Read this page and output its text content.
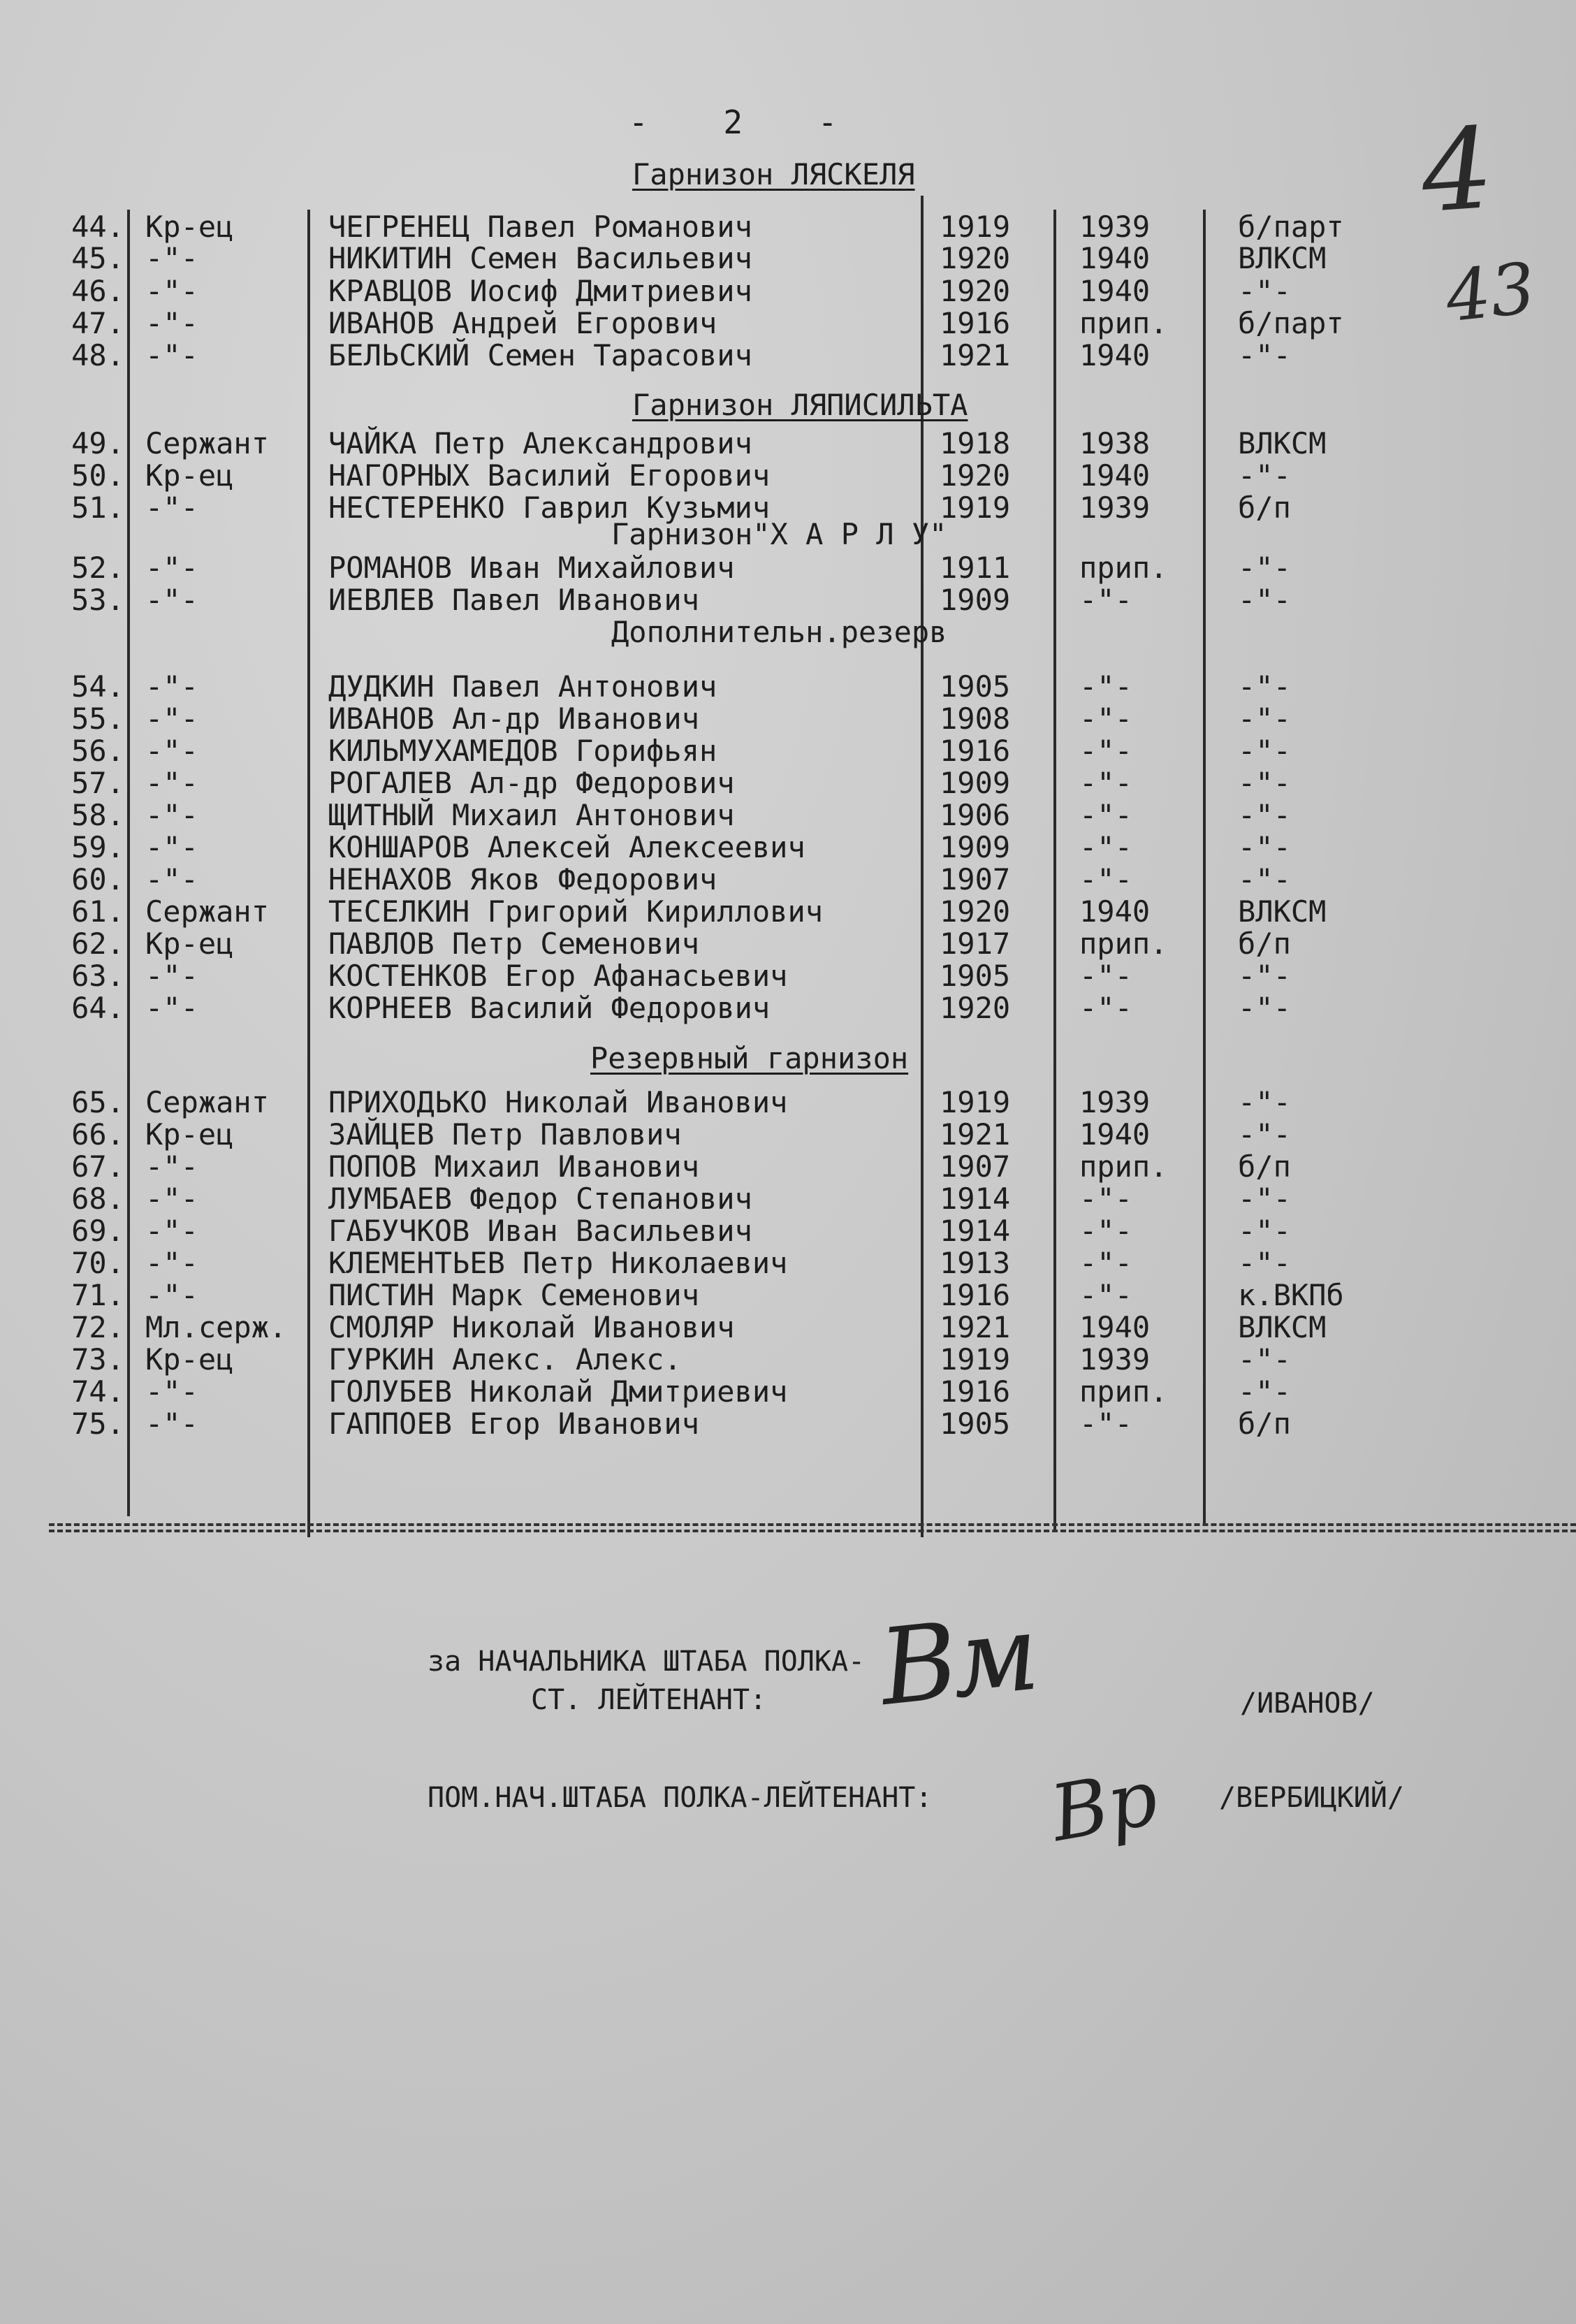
- 2 -	4
43
Гарнизон ЛЯСКЕЛЯ
Гарнизон ЛЯПИСИЛЬТА
Гарнизон"Х А Р Л У"
Дополнительн.резерв
Резервный гарнизон
44. Кр-ец	ЧЕГРЕНЕЦ Павел Романович	1919 1939	б/парт
45. -"-	НИКИТИН Семен Васильевич	1920 1940	ВЛКСМ
46. -"-	КРАВЦОВ Иосиф Дмитриевич	1920 1940	-"-
47. -"-	ИВАНОВ Андрей Егорович	1916 прип. б/парт
48. -"-	БЕЛЬСКИЙ Семен Тарасович	1921 1940	-"-
49. Сержант ЧАЙКА Петр Александрович	1918 1938	ВЛКСМ
50. Кр-ец	НАГОРНЫХ Василий Егорович	1920 1940	-"-
51. -"-	НЕСТЕРЕНКО Гаврил Кузьмич	1919 1939	б/п
52. -"-	РОМАНОВ Иван Михайлович	1911 прип. -"-
53. -"-	ИЕВЛЕВ Павел Иванович	1909 -"-	-"-
54. -"-	ДУДКИН Павел Антонович	1905 -"-	-"-
55. -"-	ИВАНОВ Ал-др Иванович	1908 -"-	-"-
56. -"-	КИЛЬМУХАМЕДОВ Горифьян	1916 -"-	-"-
57. -"-	РОГАЛЕВ Ал-др Федорович	1909 -"-	-"-
58. -"-	ЩИТНЫЙ Михаил Антонович	1906 -"-	-"-
59. -"-	КОНШАРОВ Алексей Алексеевич	1909 -"-	-"-
60. -"-	НЕНАХОВ Яков Федорович	1907 -"-	-"-
61. Сержант ТЕСЕЛКИН Григорий Кириллович	1920 1940	ВЛКСМ
62. Кр-ец	ПАВЛОВ Петр Семенович	1917 прип. б/п
63. -"-	КОСТЕНКОВ Егор Афанасьевич	1905 -"-	-"-
64. -"-	КОРНЕЕВ Василий Федорович	1920 -"-	-"-
65. Сержант ПРИХОДЬКО Николай Иванович	1919 1939	-"-
66. Кр-ец	ЗАЙЦЕВ Петр Павлович	1921 1940	-"-
67. -"-	ПОПОВ Михаил Иванович	1907 прип. б/п
68. -"-	ЛУМБАЕВ Федор Степанович	1914 -"-	-"-
69. -"-	ГАБУЧКОВ Иван Васильевич	1914 -"-	-"-
70. -"-	КЛЕМЕНТЬЕВ Петр Николаевич	1913 -"-	-"-
71. -"-	ПИСТИН Марк Семенович	1916 -"-	к.ВКПб
72. Мл.серж. СМОЛЯР Николай Иванович	1921 1940	ВЛКСМ
73. Кр-ец	ГУРКИН Алекс. Алекс.	1919 1939	-"-
74. -"-	ГОЛУБЕВ Николай Дмитриевич	1916 прип. -"-
75. -"-	ГАППОЕВ Егор Иванович	1905 -"-	б/п
за НАЧАЛЬНИКА ШТАБА ПОЛКА-
СТ. ЛЕЙТЕНАНТ: Вм	/ИВАНОВ/
ПОМ.НАЧ.ШТАБА ПОЛКА-ЛЕЙТЕНАНТ: Вр /ВЕРБИЦКИЙ/
